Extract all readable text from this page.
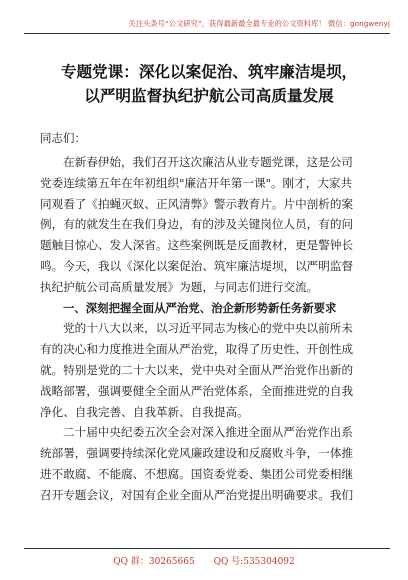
关注头条号“公文研究”，获得最新最全最专业的公文资料库！ 微信：gongwenyj
专题党课：深化以案促治、筑牢廉洁堤坝，
以严明监督执纪护航公司高质量发展
同志们：
在新春伊始，我们召开这次廉洁从业专题党课，这是公司
党委连续第五年在年初组织"廉洁开年第一课"。刚才，大家共
同观看了《拍蝇灭蚁、正风清弊》警示教育片。片中剖析的案
例，有的就发生在我们身边，有的涉及关键岗位人员，有的问
题触目惊心、发人深省。这些案例既是反面教材，更是警钟长
鸣。今天，我以《深化以案促治、筑牢廉洁堤坝，以严明监督
执纪护航公司高质量发展》为题，与同志们进行交流。
一、深刻把握全面从严治党、治企新形势新任务新要求
党的十八大以来，以习近平同志为核心的党中央以前所未
有的决心和力度推进全面从严治党，取得了历史性、开创性成
就。特别是党的二十大以来，党中央对全面从严治党作出新的
战略部署，强调要健全全面从严治党体系，全面推进党的自我
净化、自我完善、自我革新、自我提高。
二十届中央纪委五次全会对深入推进全面从严治党作出系
统部署，强调要持续深化党风廉政建设和反腐败斗争，一体推
进不敢腐、不能腐、不想腐。国资委党委、集团公司党委相继
召开专题会议，对国有企业全面从严治党提出明确要求。我们
QQ 群：30265665 QQ 号:535304092
